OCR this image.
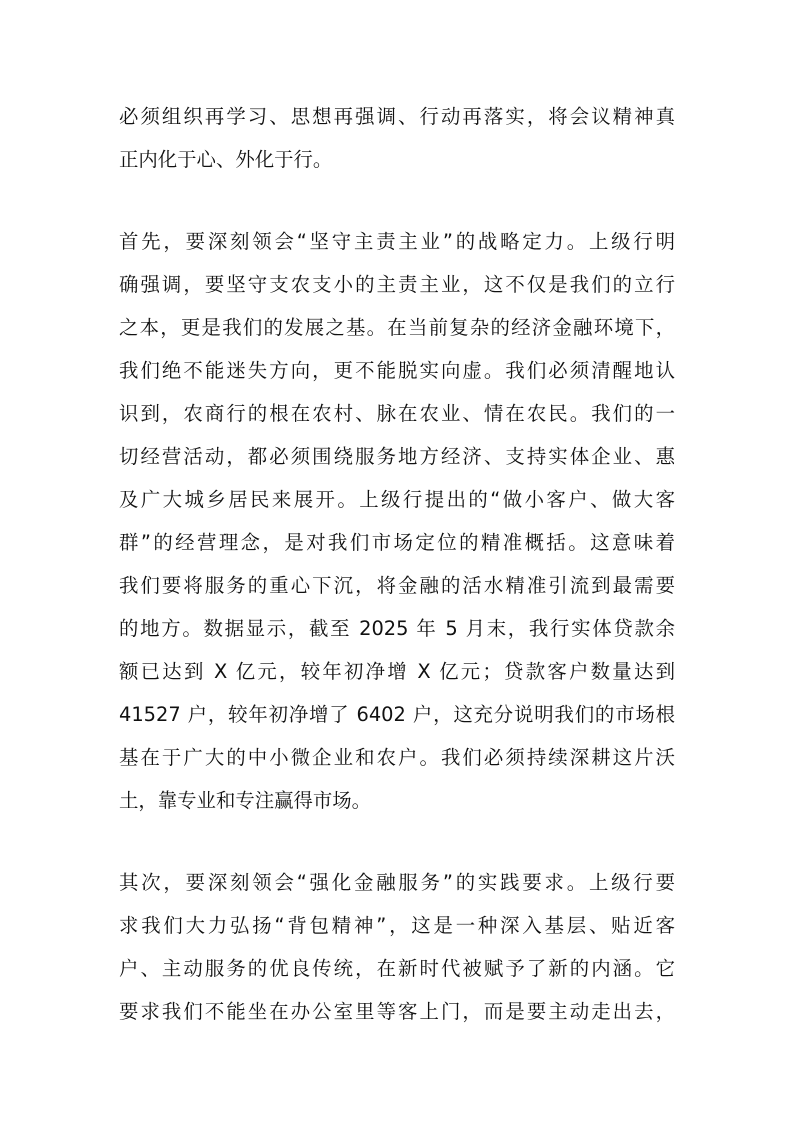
必须组织再学习、思想再强调、行动再落实，将会议精神真

正内化于心、外化于行。

首先，要深刻领会“坚守主责主业”的战略定力。上级行明

确强调，要坚守支农支小的主责主业，这不仅是我们的立行

之本，更是我们的发展之基。在当前复杂的经济金融环境下，

我们绝不能迷失方向，更不能脱实向虚。我们必须清醒地认

识到，农商行的根在农村、脉在农业、情在农民。我们的一

切经营活动，都必须围绕服务地方经济、支持实体企业、惠

及广大城乡居民来展开。上级行提出的“做小客户、做大客

群”的经营理念，是对我们市场定位的精准概括。这意味着

我们要将服务的重心下沉，将金融的活水精准引流到最需要

的地方。数据显示，截至 2025 年 5 月末，我行实体贷款余

额已达到 X 亿元，较年初净增 X 亿元；贷款客户数量达到

41527 户，较年初净增了 6402 户，这充分说明我们的市场根

基在于广大的中小微企业和农户。我们必须持续深耕这片沃

土，靠专业和专注赢得市场。

其次，要深刻领会“强化金融服务”的实践要求。上级行要

求我们大力弘扬“背包精神”，这是一种深入基层、贴近客

户、主动服务的优良传统，在新时代被赋予了新的内涵。它

要求我们不能坐在办公室里等客上门，而是要主动走出去，
